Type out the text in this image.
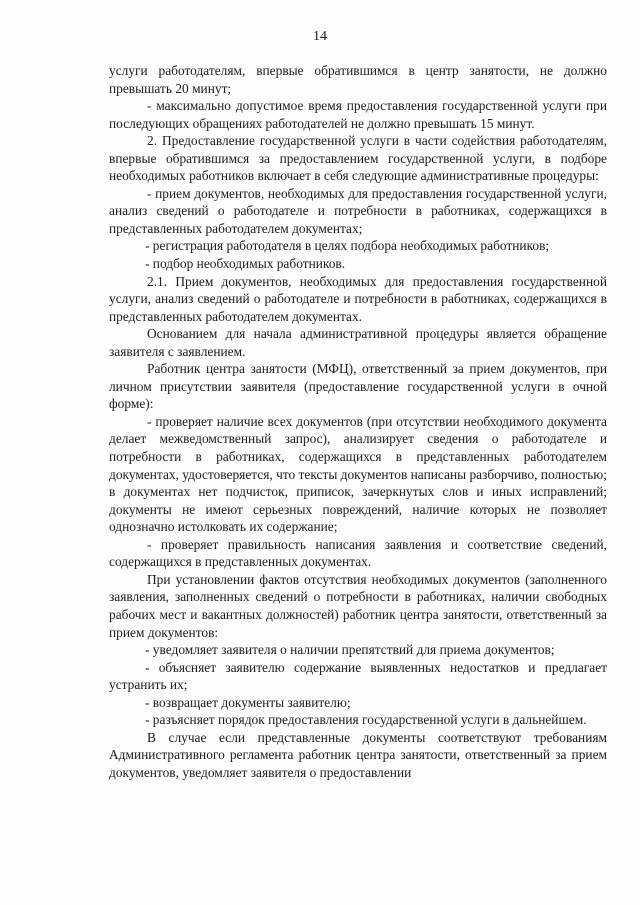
14

услуги работодателям, впервые обратившимся в центр занятости, не должно превышать 20 минут;

- максимально допустимое время предоставления государственной услуги при последующих обращениях работодателей не должно превышать 15 минут.

2. Предоставление государственной услуги в части содействия работодателям, впервые обратившимся за предоставлением государственной услуги, в подборе необходимых работников включает в себя следующие административные процедуры:

- прием документов, необходимых для предоставления государственной услуги, анализ сведений о работодателе и потребности в работниках, содержащихся в представленных работодателем документах;

- регистрация работодателя в целях подбора необходимых работников;

- подбор необходимых работников.

2.1. Прием документов, необходимых для предоставления государственной услуги, анализ сведений о работодателе и потребности в работниках, содержащихся в представленных работодателем документах.

Основанием для начала административной процедуры является обращение заявителя с заявлением.

Работник центра занятости (МФЦ), ответственный за прием документов, при личном присутствии заявителя (предоставление государственной услуги в очной форме):

- проверяет наличие всех документов (при отсутствии необходимого документа делает межведомственный запрос), анализирует сведения о работодателе и потребности в работниках, содержащихся в представленных работодателем документах, удостоверяется, что тексты документов написаны разборчиво, полностью; в документах нет подчисток, приписок, зачеркнутых слов и иных исправлений; документы не имеют серьезных повреждений, наличие которых не позволяет однозначно истолковать их содержание;

- проверяет правильность написания заявления и соответствие сведений, содержащихся в представленных документах.

При установлении фактов отсутствия необходимых документов (заполненного заявления, заполненных сведений о потребности в работниках, наличии свободных рабочих мест и вакантных должностей) работник центра занятости, ответственный за прием документов:

- уведомляет заявителя о наличии препятствий для приема документов;

- объясняет заявителю содержание выявленных недостатков и предлагает устранить их;

- возвращает документы заявителю;

- разъясняет порядок предоставления государственной услуги в дальнейшем.

В случае если представленные документы соответствуют требованиям Административного регламента работник центра занятости, ответственный за прием документов, уведомляет заявителя о предоставлении
